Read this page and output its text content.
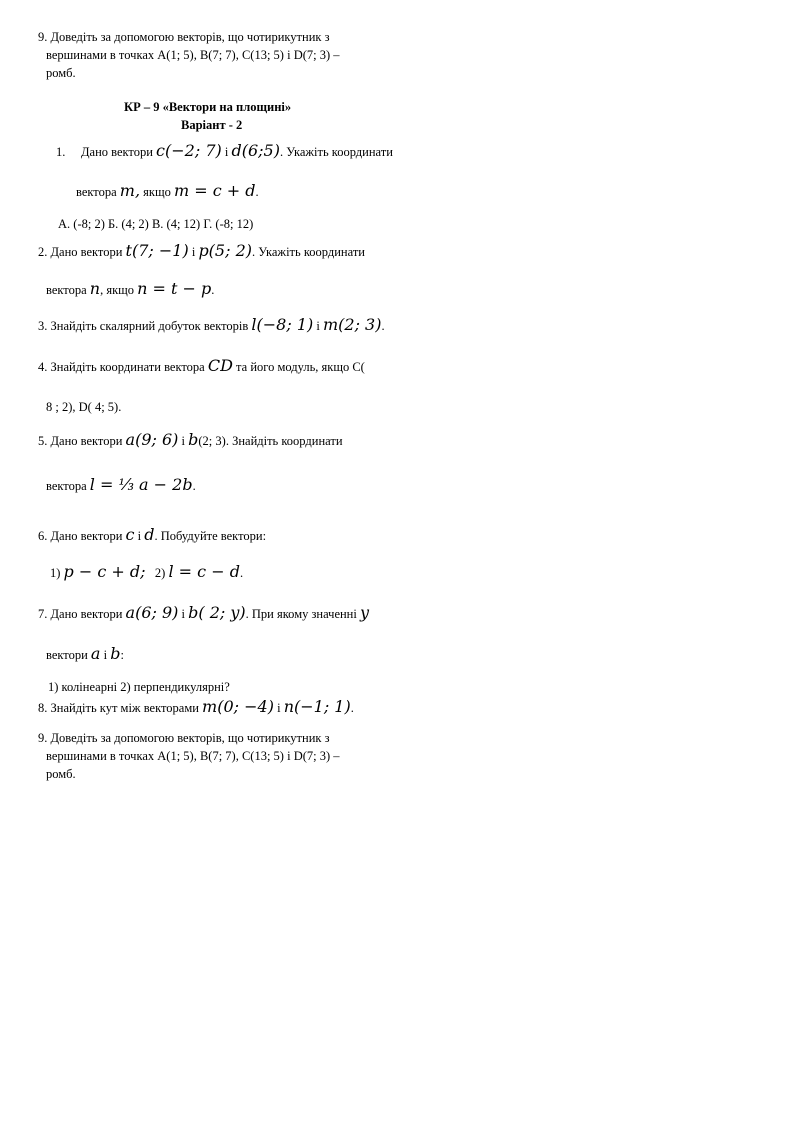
9. Доведіть за допомогою векторів, що чотирикутник з
вершинами в точках A(1; 5), B(7; 7), C(13; 5) і D(7; 3) –
ромб.
КР – 9 «Вектори на площині»
Варіант - 2
1. Дано вектори c(−2; 7) і d(6;5). Укажіть координати
вектора m, якщо m = c + d.
А. (-8; 2) Б. (4; 2) В. (4; 12) Г. (-8; 12)
2. Дано вектори t(7; −1) і p(5; 2). Укажіть координати
вектора n, якщо n = t − p.
3. Знайдіть скалярний добуток векторів l(−8; 1) і m(2; 3).
4. Знайдіть координати вектора CD та його модуль, якщо C(
8 ; 2), D( 4; 5).
5. Дано вектори a(9; 6) і b(2; 3). Знайдіть координати
вектора l = ⅓ a − 2b.
6. Дано вектори c і d. Побудуйте вектори:
1) p − c + d; 2) l = c − d.
7. Дано вектори a(6; 9) і b( 2; y). При якому значенні y
вектори a і b:
1) колінеарні 2) перпендикулярні?
8. Знайдіть кут між векторами m(0; −4) і n(−1; 1).
9. Доведіть за допомогою векторів, що чотирикутник з
вершинами в точках A(1; 5), B(7; 7), C(13; 5) і D(7; 3) –
ромб.
